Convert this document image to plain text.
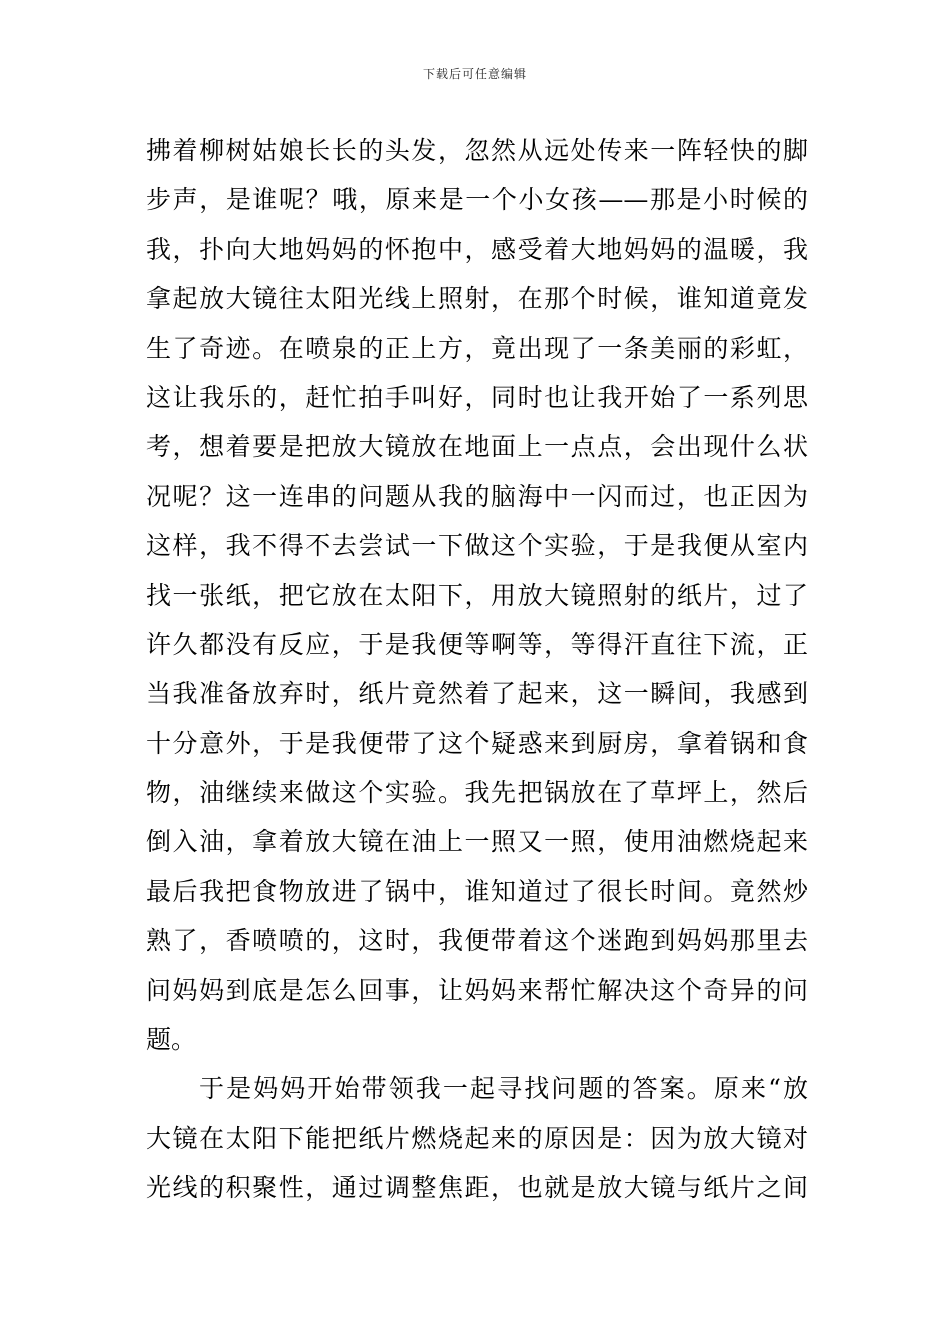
下载后可任意编辑
拂着柳树姑娘长长的头发，忽然从远处传来一阵轻快的脚
步声，是谁呢？哦，原来是一个小女孩——那是小时候的
我，扑向大地妈妈的怀抱中，感受着大地妈妈的温暖，我
拿起放大镜往太阳光线上照射，在那个时候，谁知道竟发
生了奇迹。在喷泉的正上方，竟出现了一条美丽的彩虹，
这让我乐的，赶忙拍手叫好，同时也让我开始了一系列思
考，想着要是把放大镜放在地面上一点点，会出现什么状
况呢？这一连串的问题从我的脑海中一闪而过，也正因为
这样，我不得不去尝试一下做这个实验，于是我便从室内
找一张纸，把它放在太阳下，用放大镜照射的纸片，过了
许久都没有反应，于是我便等啊等，等得汗直往下流，正
当我准备放弃时，纸片竟然着了起来，这一瞬间，我感到
十分意外，于是我便带了这个疑惑来到厨房，拿着锅和食
物，油继续来做这个实验。我先把锅放在了草坪上，然后
倒入油，拿着放大镜在油上一照又一照，使用油燃烧起来
最后我把食物放进了锅中，谁知道过了很长时间。竟然炒
熟了，香喷喷的，这时，我便带着这个迷跑到妈妈那里去
问妈妈到底是怎么回事，让妈妈来帮忙解决这个奇异的问
题。
于是妈妈开始带领我一起寻找问题的答案。原来“放
大镜在太阳下能把纸片燃烧起来的原因是：因为放大镜对
光线的积聚性，通过调整焦距，也就是放大镜与纸片之间
